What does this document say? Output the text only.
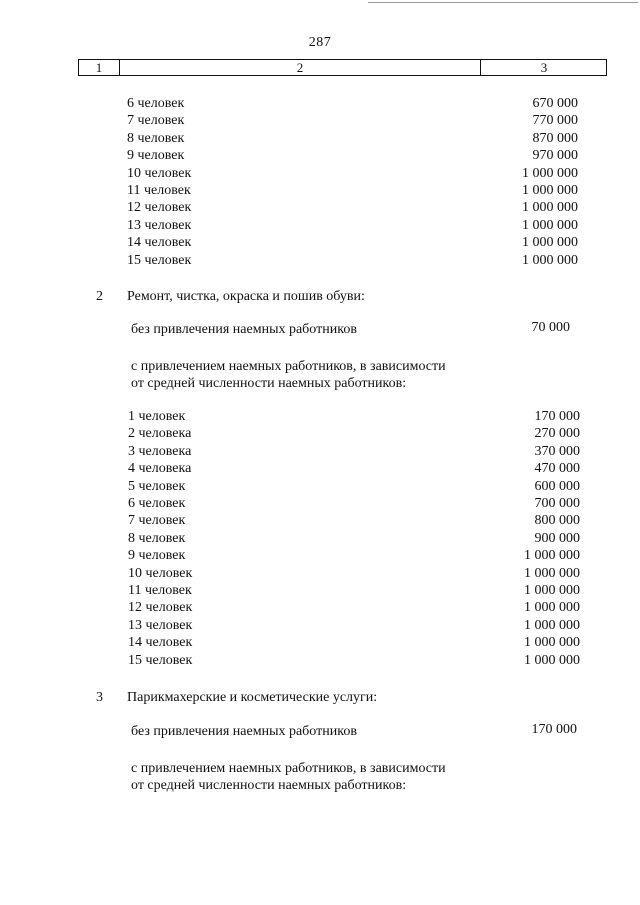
287
1	2	3
6 человек	670 000
7 человек	770 000
8 человек	870 000
9 человек	970 000
10 человек	1 000 000
11 человек	1 000 000
12 человек	1 000 000
13 человек	1 000 000
14 человек	1 000 000
15 человек	1 000 000
2 Ремонт, чистка, окраска и пошив обуви:
без привлечения наемных работников	70 000
с привлечением наемных работников, в зависимости
от средней численности наемных работников:
1 человек	170 000
2 человека	270 000
3 человека	370 000
4 человека	470 000
5 человек	600 000
6 человек	700 000
7 человек	800 000
8 человек	900 000
9 человек	1 000 000
10 человек	1 000 000
11 человек	1 000 000
12 человек	1 000 000
13 человек	1 000 000
14 человек	1 000 000
15 человек	1 000 000
3 Парикмахерские и косметические услуги:
без привлечения наемных работников	170 000
с привлечением наемных работников, в зависимости
от средней численности наемных работников:
